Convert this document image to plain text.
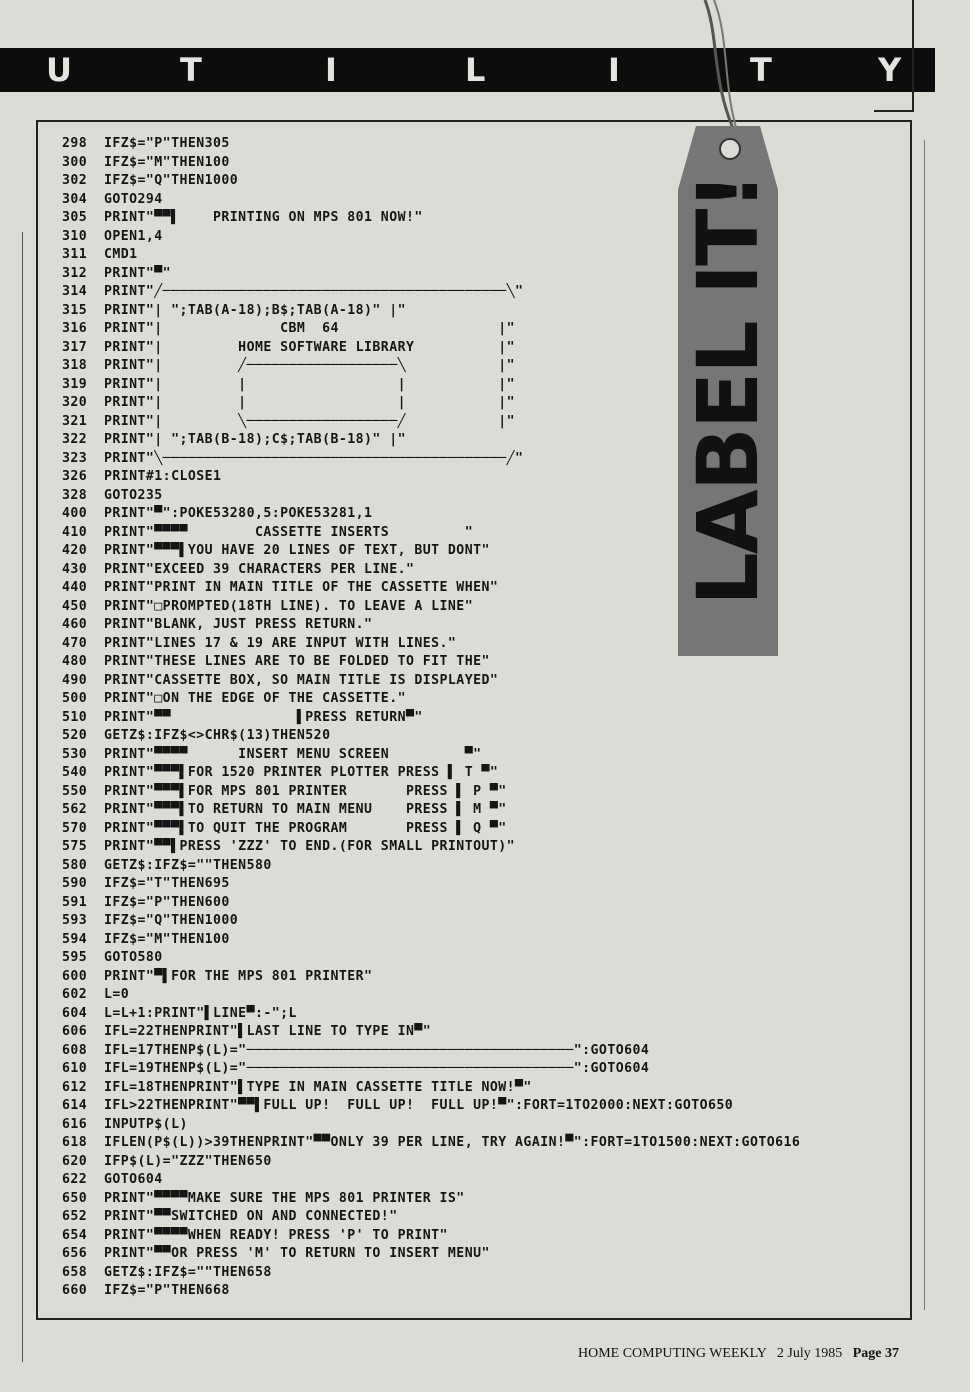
U	T	I	L	I	T	Y
298  IFZ$="P"THEN305
300  IFZ$="M"THEN100
302  IFZ$="Q"THEN1000
304  GOTO294
305  PRINT"▀▀▌    PRINTING ON MPS 801 NOW!"
310  OPEN1,4
311  CMD1
312  PRINT"▀"
314  PRINT"╱─────────────────────────────────────────╲"
315  PRINT"| ";TAB(A-18);B$;TAB(A-18)" |"
316  PRINT"|              CBM  64                   |"
317  PRINT"|         HOME SOFTWARE LIBRARY          |"
318  PRINT"|         ╱──────────────────╲           |"
319  PRINT"|         |                  |           |"
320  PRINT"|         |                  |           |"
321  PRINT"|         ╲──────────────────╱           |"
322  PRINT"| ";TAB(B-18);C$;TAB(B-18)" |"
323  PRINT"╲─────────────────────────────────────────╱"
326  PRINT#1:CLOSE1
328  GOTO235
400  PRINT"▀":POKE53280,5:POKE53281,1
410  PRINT"▀▀▀▀        CASSETTE INSERTS         "
420  PRINT"▀▀▀▌YOU HAVE 20 LINES OF TEXT, BUT DONT"
430  PRINT"EXCEED 39 CHARACTERS PER LINE."
440  PRINT"PRINT IN MAIN TITLE OF THE CASSETTE WHEN"
450  PRINT"□PROMPTED(18TH LINE). TO LEAVE A LINE"
460  PRINT"BLANK, JUST PRESS RETURN."
470  PRINT"LINES 17 & 19 ARE INPUT WITH LINES."
480  PRINT"THESE LINES ARE TO BE FOLDED TO FIT THE"
490  PRINT"CASSETTE BOX, SO MAIN TITLE IS DISPLAYED"
500  PRINT"□ON THE EDGE OF THE CASSETTE."
510  PRINT"▀▀               ▌PRESS RETURN▀"
520  GETZ$:IFZ$<>CHR$(13)THEN520
530  PRINT"▀▀▀▀      INSERT MENU SCREEN         ▀"
540  PRINT"▀▀▀▌FOR 1520 PRINTER PLOTTER PRESS ▌ T ▀"
550  PRINT"▀▀▀▌FOR MPS 801 PRINTER       PRESS ▌ P ▀"
562  PRINT"▀▀▀▌TO RETURN TO MAIN MENU    PRESS ▌ M ▀"
570  PRINT"▀▀▀▌TO QUIT THE PROGRAM       PRESS ▌ Q ▀"
575  PRINT"▀▀▌PRESS 'ZZZ' TO END.(FOR SMALL PRINTOUT)"
580  GETZ$:IFZ$=""THEN580
590  IFZ$="T"THEN695
591  IFZ$="P"THEN600
593  IFZ$="Q"THEN1000
594  IFZ$="M"THEN100
595  GOTO580
600  PRINT"▀▌FOR THE MPS 801 PRINTER"
602  L=0
604  L=L+1:PRINT"▌LINE▀:-";L
606  IFL=22THENPRINT"▌LAST LINE TO TYPE IN▀"
608  IFL=17THENP$(L)="───────────────────────────────────────":GOTO604
610  IFL=19THENP$(L)="───────────────────────────────────────":GOTO604
612  IFL=18THENPRINT"▌TYPE IN MAIN CASSETTE TITLE NOW!▀"
614  IFL>22THENPRINT"▀▀▌FULL UP!  FULL UP!  FULL UP!▀":FORT=1TO2000:NEXT:GOTO650
616  INPUTP$(L)
618  IFLEN(P$(L))>39THENPRINT"▀▀ONLY 39 PER LINE, TRY AGAIN!▀":FORT=1TO1500:NEXT:GOTO616
620  IFP$(L)="ZZZ"THEN650
622  GOTO604
650  PRINT"▀▀▀▀MAKE SURE THE MPS 801 PRINTER IS"
652  PRINT"▀▀SWITCHED ON AND CONNECTED!"
654  PRINT"▀▀▀▀WHEN READY! PRESS 'P' TO PRINT"
656  PRINT"▀▀OR PRESS 'M' TO RETURN TO INSERT MENU"
658  GETZ$:IFZ$=""THEN658
660  IFZ$="P"THEN668
LABEL IT!
HOME COMPUTING WEEKLY 2 July 1985 Page 37
